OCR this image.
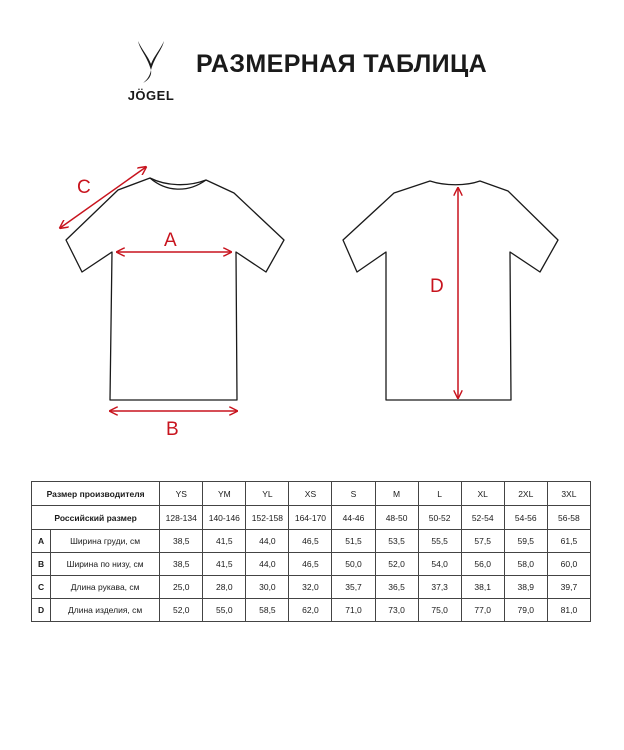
JÖGEL
РАЗМЕРНАЯ ТАБЛИЦА
A
B
C
D
Размер производителя		YS	YM	YL	XS	S	M	L	XL	2XL	3XL
Российский размер		128-134	140-146	152-158	164-170	44-46	48-50	50-52	52-54	54-56	56-58
A	Ширина груди, см	38,5	41,5	44,0	46,5	51,5	53,5	55,5	57,5	59,5	61,5
B	Ширина по низу, см	38,5	41,5	44,0	46,5	50,0	52,0	54,0	56,0	58,0	60,0
C	Длина рукава, см	25,0	28,0	30,0	32,0	35,7	36,5	37,3	38,1	38,9	39,7
D	Длина изделия, см	52,0	55,0	58,5	62,0	71,0	73,0	75,0	77,0	79,0	81,0
